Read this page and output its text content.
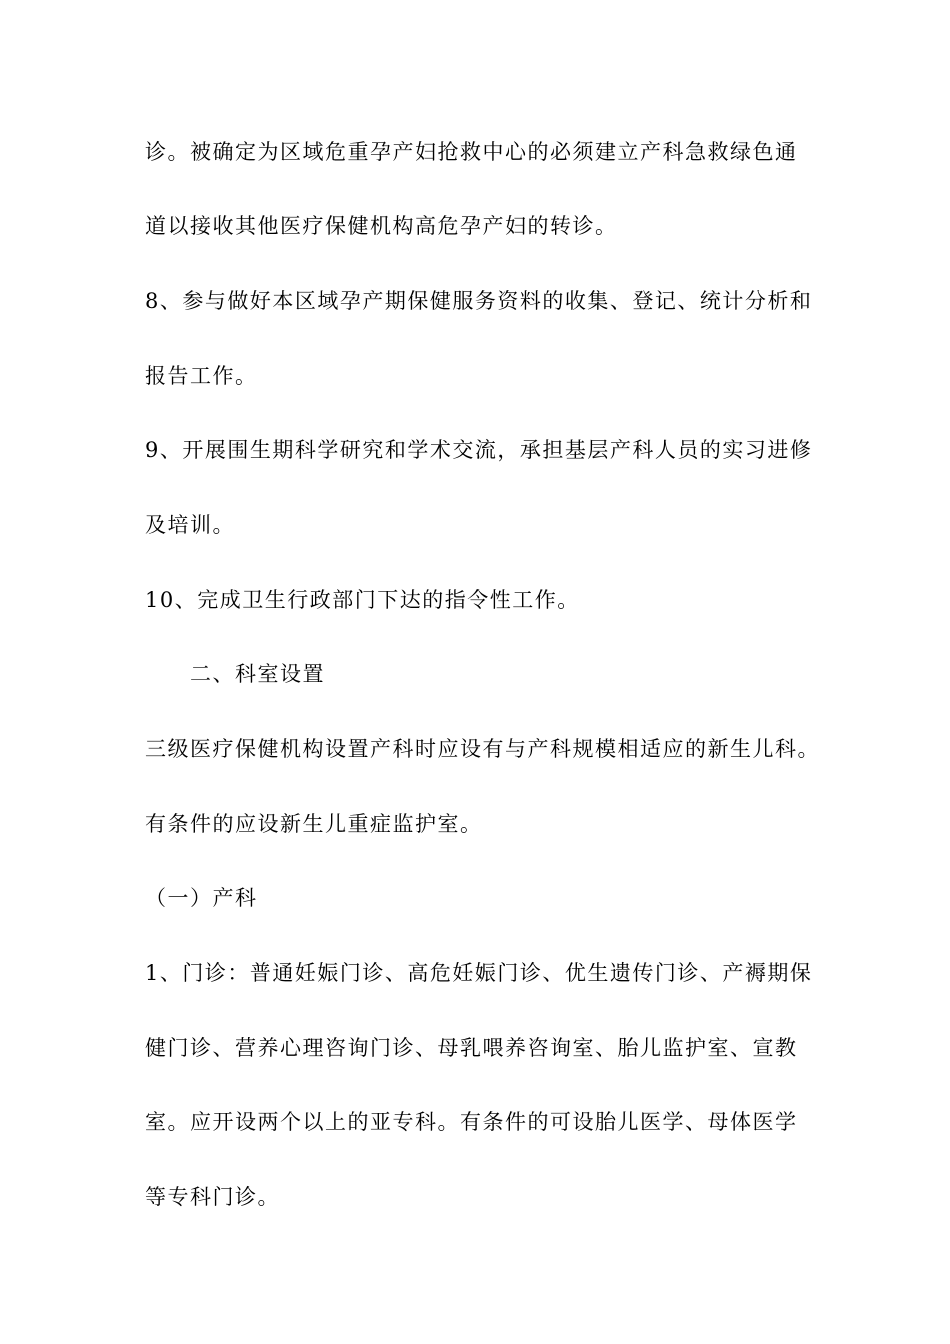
诊。被确定为区域危重孕产妇抢救中心的必须建立产科急救绿色通
道以接收其他医疗保健机构高危孕产妇的转诊。
8、参与做好本区域孕产期保健服务资料的收集、登记、统计分析和
报告工作。
9、开展围生期科学研究和学术交流，承担基层产科人员的实习进修
及培训。
10、完成卫生行政部门下达的指令性工作。
二、科室设置
三级医疗保健机构设置产科时应设有与产科规模相适应的新生儿科。
有条件的应设新生儿重症监护室。
（一）产科
1、门诊：普通妊娠门诊、高危妊娠门诊、优生遗传门诊、产褥期保
健门诊、营养心理咨询门诊、母乳喂养咨询室、胎儿监护室、宣教
室。应开设两个以上的亚专科。有条件的可设胎儿医学、母体医学
等专科门诊。
